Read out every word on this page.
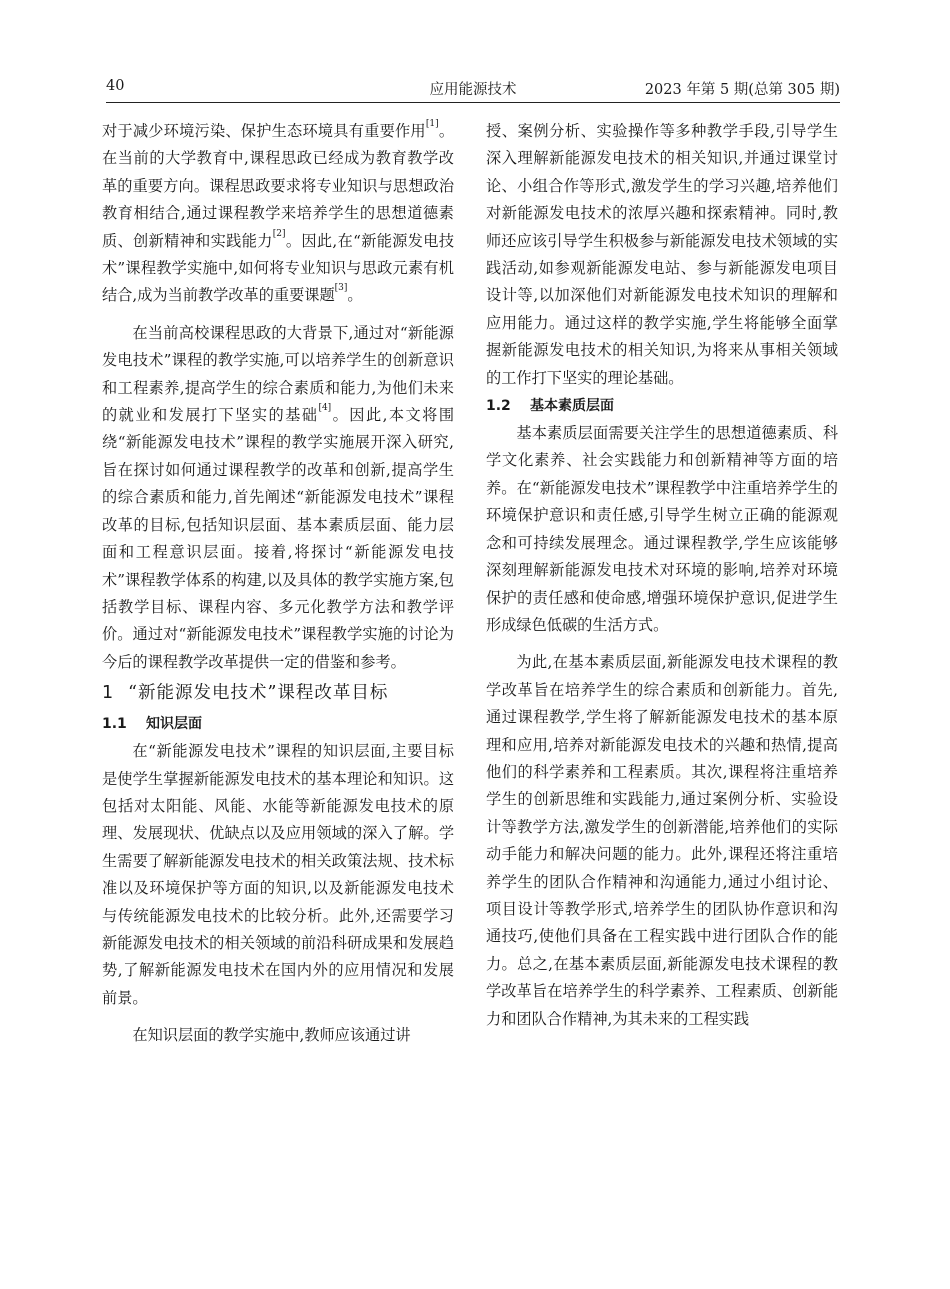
40	应用能源技术	2023 年第 5 期(总第 305 期)

对于减少环境污染、保护生态环境具有重要作用[1]。在当前的大学教育中,课程思政已经成为教育教学改革的重要方向。课程思政要求将专业知识与思想政治教育相结合,通过课程教学来培养学生的思想道德素质、创新精神和实践能力[2]。因此,在“新能源发电技术”课程教学实施中,如何将专业知识与思政元素有机结合,成为当前教学改革的重要课题[3]。

在当前高校课程思政的大背景下,通过对“新能源发电技术”课程的教学实施,可以培养学生的创新意识和工程素养,提高学生的综合素质和能力,为他们未来的就业和发展打下坚实的基础[4]。因此,本文将围绕“新能源发电技术”课程的教学实施展开深入研究,旨在探讨如何通过课程教学的改革和创新,提高学生的综合素质和能力,首先阐述“新能源发电技术”课程改革的目标,包括知识层面、基本素质层面、能力层面和工程意识层面。接着,将探讨“新能源发电技术”课程教学体系的构建,以及具体的教学实施方案,包括教学目标、课程内容、多元化教学方法和教学评价。通过对“新能源发电技术”课程教学实施的讨论为今后的课程教学改革提供一定的借鉴和参考。

1 “新能源发电技术”课程改革目标
1.1 知识层面

在“新能源发电技术”课程的知识层面,主要目标是使学生掌握新能源发电技术的基本理论和知识。这包括对太阳能、风能、水能等新能源发电技术的原理、发展现状、优缺点以及应用领域的深入了解。学生需要了解新能源发电技术的相关政策法规、技术标准以及环境保护等方面的知识,以及新能源发电技术与传统能源发电技术的比较分析。此外,还需要学习新能源发电技术的相关领域的前沿科研成果和发展趋势,了解新能源发电技术在国内外的应用情况和发展前景。

在知识层面的教学实施中,教师应该通过讲

授、案例分析、实验操作等多种教学手段,引导学生深入理解新能源发电技术的相关知识,并通过课堂讨论、小组合作等形式,激发学生的学习兴趣,培养他们对新能源发电技术的浓厚兴趣和探索精神。同时,教师还应该引导学生积极参与新能源发电技术领域的实践活动,如参观新能源发电站、参与新能源发电项目设计等,以加深他们对新能源发电技术知识的理解和应用能力。通过这样的教学实施,学生将能够全面掌握新能源发电技术的相关知识,为将来从事相关领域的工作打下坚实的理论基础。

1.2 基本素质层面

基本素质层面需要关注学生的思想道德素质、科学文化素养、社会实践能力和创新精神等方面的培养。在“新能源发电技术”课程教学中注重培养学生的环境保护意识和责任感,引导学生树立正确的能源观念和可持续发展理念。通过课程教学,学生应该能够深刻理解新能源发电技术对环境的影响,培养对环境保护的责任感和使命感,增强环境保护意识,促进学生形成绿色低碳的生活方式。

为此,在基本素质层面,新能源发电技术课程的教学改革旨在培养学生的综合素质和创新能力。首先,通过课程教学,学生将了解新能源发电技术的基本原理和应用,培养对新能源发电技术的兴趣和热情,提高他们的科学素养和工程素质。其次,课程将注重培养学生的创新思维和实践能力,通过案例分析、实验设计等教学方法,激发学生的创新潜能,培养他们的实际动手能力和解决问题的能力。此外,课程还将注重培养学生的团队合作精神和沟通能力,通过小组讨论、项目设计等教学形式,培养学生的团队协作意识和沟通技巧,使他们具备在工程实践中进行团队合作的能力。总之,在基本素质层面,新能源发电技术课程的教学改革旨在培养学生的科学素养、工程素质、创新能力和团队合作精神,为其未来的工程实践
